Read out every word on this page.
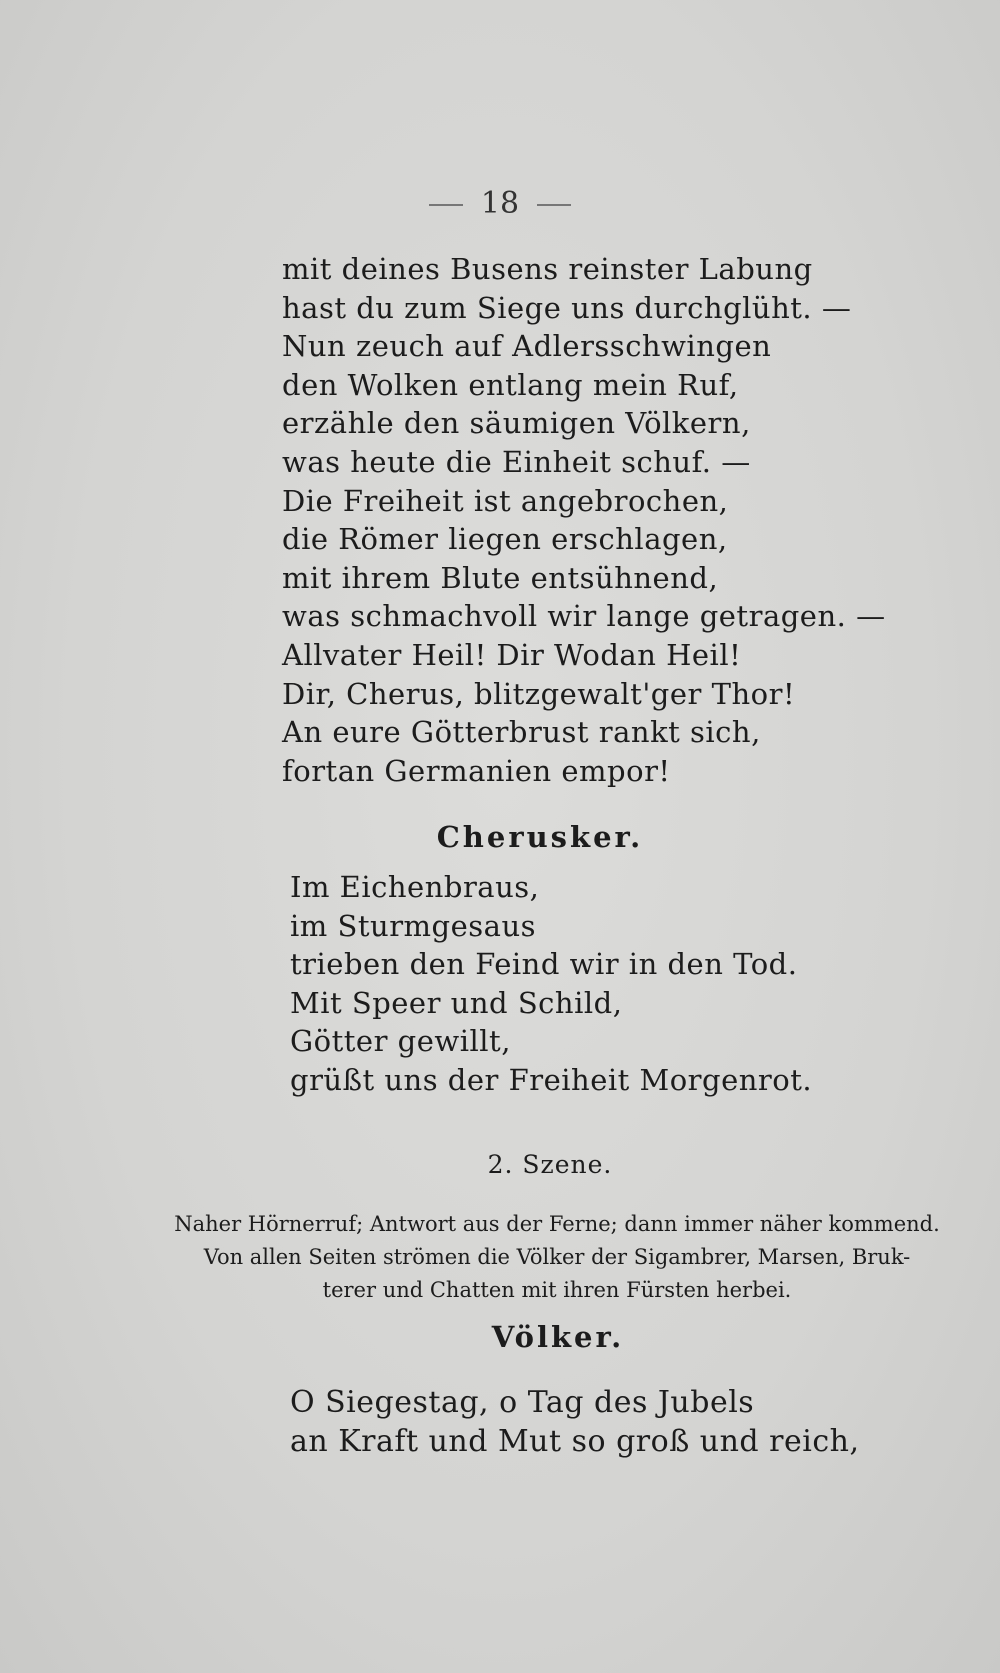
18
mit deines Busens reinster Labung
hast du zum Siege uns durchglüht. —
Nun zeuch auf Adlersschwingen
den Wolken entlang mein Ruf,
erzähle den säumigen Völkern,
was heute die Einheit schuf. —
Die Freiheit ist angebrochen,
die Römer liegen erschlagen,
mit ihrem Blute entsühnend,
was schmachvoll wir lange getragen. —
Allvater Heil! Dir Wodan Heil!
Dir, Cherus, blitzgewalt'ger Thor!
An eure Götterbrust rankt sich,
fortan Germanien empor!
Cherusker.
Im Eichenbraus,
im Sturmgesaus
trieben den Feind wir in den Tod.
Mit Speer und Schild,
Götter gewillt,
grüßt uns der Freiheit Morgenrot.
2. Szene.
Naher Hörnerruf; Antwort aus der Ferne; dann immer näher kommend.
Von allen Seiten strömen die Völker der Sigambrer, Marsen, Bruk-
terer und Chatten mit ihren Fürsten herbei.
Völker.
O Siegestag, o Tag des Jubels
an Kraft und Mut so groß und reich,
